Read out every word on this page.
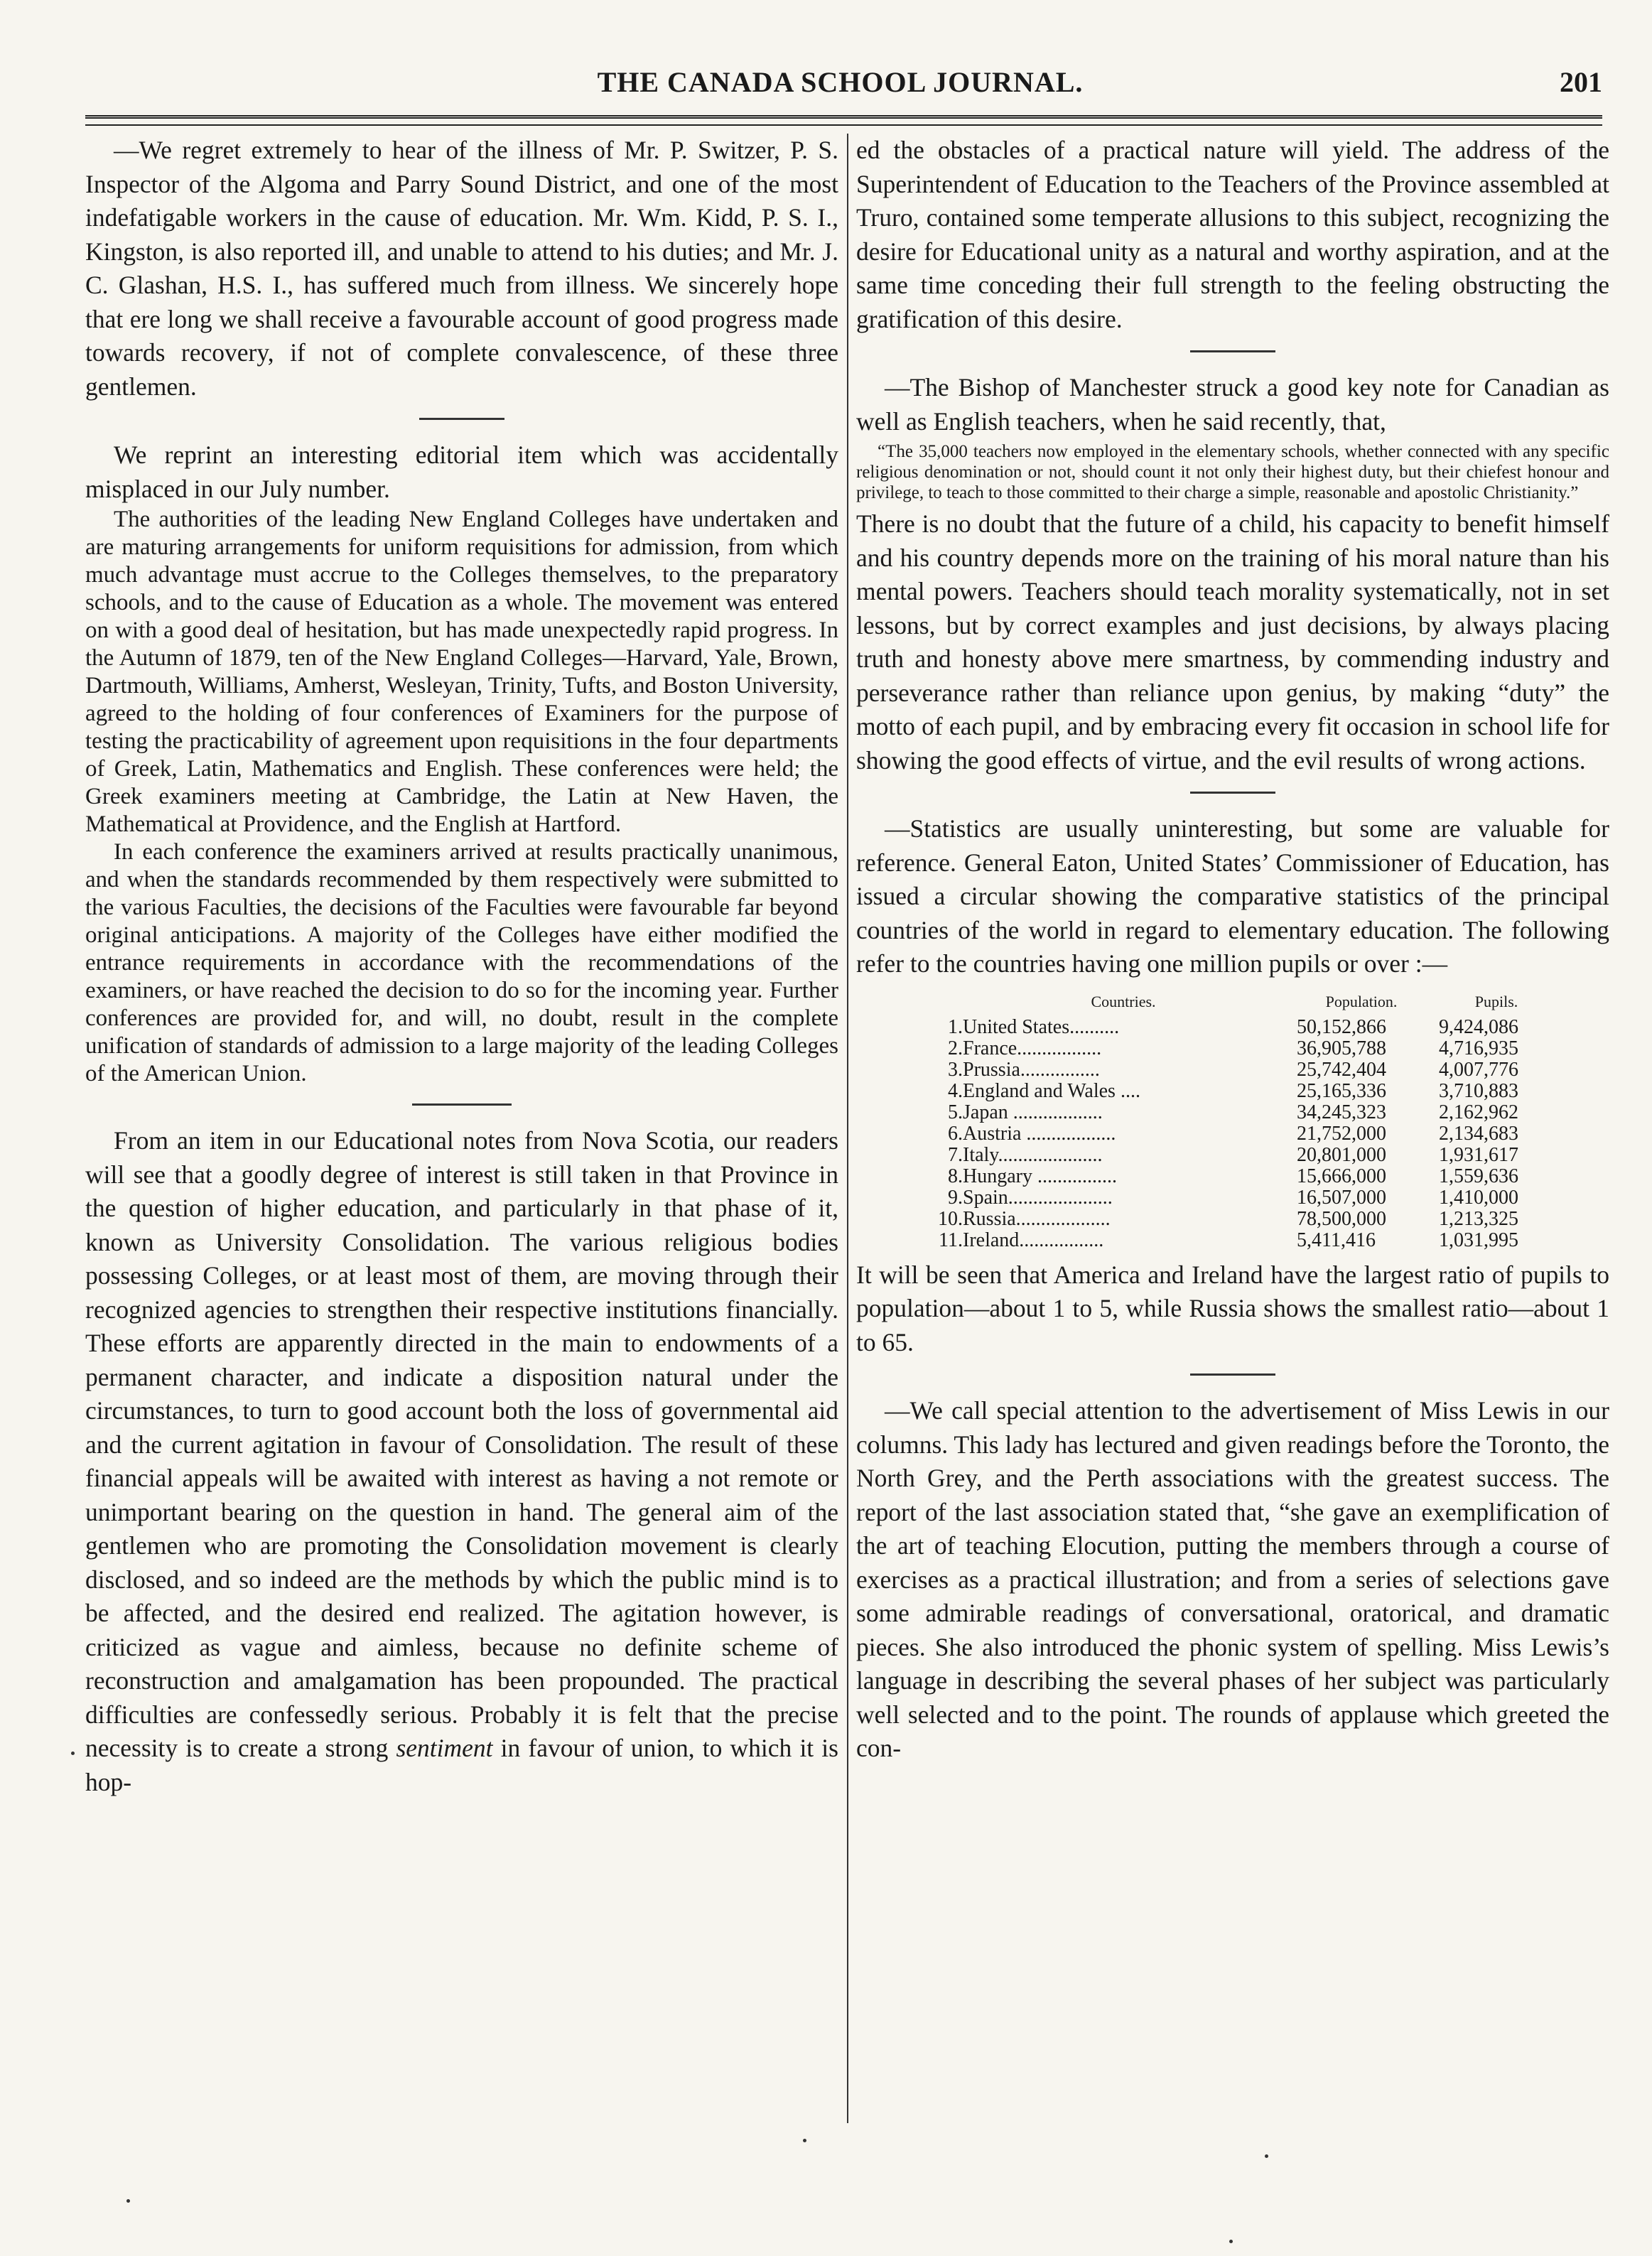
THE CANADA SCHOOL JOURNAL.	201

—We regret extremely to hear of the illness of Mr. P. Switzer, P. S. Inspector of the Algoma and Parry Sound District, and one of the most indefatigable workers in the cause of education. Mr. Wm. Kidd, P. S. I., Kingston, is also reported ill, and unable to attend to his duties; and Mr. J. C. Glashan, H.S. I., has suffered much from illness. We sincerely hope that ere long we shall receive a favourable account of good progress made towards recovery, if not of complete convalescence, of these three gentlemen.

We reprint an interesting editorial item which was accidentally misplaced in our July number.

The authorities of the leading New England Colleges have undertaken and are maturing arrangements for uniform requisitions for admission, from which much advantage must accrue to the Colleges themselves, to the preparatory schools, and to the cause of Education as a whole. The movement was entered on with a good deal of hesitation, but has made unexpectedly rapid progress. In the Autumn of 1879, ten of the New England Colleges—Harvard, Yale, Brown, Dartmouth, Williams, Amherst, Wesleyan, Trinity, Tufts, and Boston University, agreed to the holding of four conferences of Examiners for the purpose of testing the practicability of agreement upon requisitions in the four departments of Greek, Latin, Mathematics and English. These conferences were held; the Greek examiners meeting at Cambridge, the Latin at New Haven, the Mathematical at Providence, and the English at Hartford.

In each conference the examiners arrived at results practically unanimous, and when the standards recommended by them respectively were submitted to the various Faculties, the decisions of the Faculties were favourable far beyond original anticipations. A majority of the Colleges have either modified the entrance requirements in accordance with the recommendations of the examiners, or have reached the decision to do so for the incoming year. Further conferences are provided for, and will, no doubt, result in the complete unification of standards of admission to a large majority of the leading Colleges of the American Union.

From an item in our Educational notes from Nova Scotia, our readers will see that a goodly degree of interest is still taken in that Province in the question of higher education, and particularly in that phase of it, known as University Consolidation. The various religious bodies possessing Colleges, or at least most of them, are moving through their recognized agencies to strengthen their respective institutions financially. These efforts are apparently directed in the main to endowments of a permanent character, and indicate a disposition natural under the circumstances, to turn to good account both the loss of governmental aid and the current agitation in favour of Consolidation. The result of these financial appeals will be awaited with interest as having a not remote or unimportant bearing on the question in hand. The general aim of the gentlemen who are promoting the Consolidation movement is clearly disclosed, and so indeed are the methods by which the public mind is to be affected, and the desired end realized. The agitation however, is criticized as vague and aimless, because no definite scheme of reconstruction and amalgamation has been propounded. The practical difficulties are confessedly serious. Probably it is felt that the precise necessity is to create a strong sentiment in favour of union, to which it is hop-

ed the obstacles of a practical nature will yield. The address of the Superintendent of Education to the Teachers of the Province assembled at Truro, contained some temperate allusions to this subject, recognizing the desire for Educational unity as a natural and worthy aspiration, and at the same time conceding their full strength to the feeling obstructing the gratification of this desire.

—The Bishop of Manchester struck a good key note for Canadian as well as English teachers, when he said recently, that,

“The 35,000 teachers now employed in the elementary schools, whether connected with any specific religious denomination or not, should count it not only their highest duty, but their chiefest honour and privilege, to teach to those committed to their charge a simple, reasonable and apostolic Christianity.”

There is no doubt that the future of a child, his capacity to benefit himself and his country depends more on the training of his moral nature than his mental powers. Teachers should teach morality systematically, not in set lessons, but by correct examples and just decisions, by always placing truth and honesty above mere smartness, by commending industry and perseverance rather than reliance upon genius, by making “duty” the motto of each pupil, and by embracing every fit occasion in school life for showing the good effects of virtue, and the evil results of wrong actions.

—Statistics are usually uninteresting, but some are valuable for reference. General Eaton, United States’ Commissioner of Education, has issued a circular showing the comparative statistics of the principal countries of the world in regard to elementary education. The following refer to the countries having one million pupils or over :—

	Countries.	Population.	Pupils.
1.	United States..........	50,152,866	9,424,086
2.	France.................	36,905,788	4,716,935
3.	Prussia................	25,742,404	4,007,776
4.	England and Wales ....	25,165,336	3,710,883
5.	Japan ..................	34,245,323	2,162,962
6.	Austria ..................	21,752,000	2,134,683
7.	Italy.....................	20,801,000	1,931,617
8.	Hungary ................	15,666,000	1,559,636
9.	Spain.....................	16,507,000	1,410,000
10.	Russia...................	78,500,000	1,213,325
11.	Ireland.................	5,411,416	1,031,995

It will be seen that America and Ireland have the largest ratio of pupils to population—about 1 to 5, while Russia shows the smallest ratio—about 1 to 65.

—We call special attention to the advertisement of Miss Lewis in our columns. This lady has lectured and given readings before the Toronto, the North Grey, and the Perth associations with the greatest success. The report of the last association stated that, “she gave an exemplification of the art of teaching Elocution, putting the members through a course of exercises as a practical illustration; and from a series of selections gave some admirable readings of conversational, oratorical, and dramatic pieces. She also introduced the phonic system of spelling. Miss Lewis’s language in describing the several phases of her subject was particularly well selected and to the point. The rounds of applause which greeted the con-
